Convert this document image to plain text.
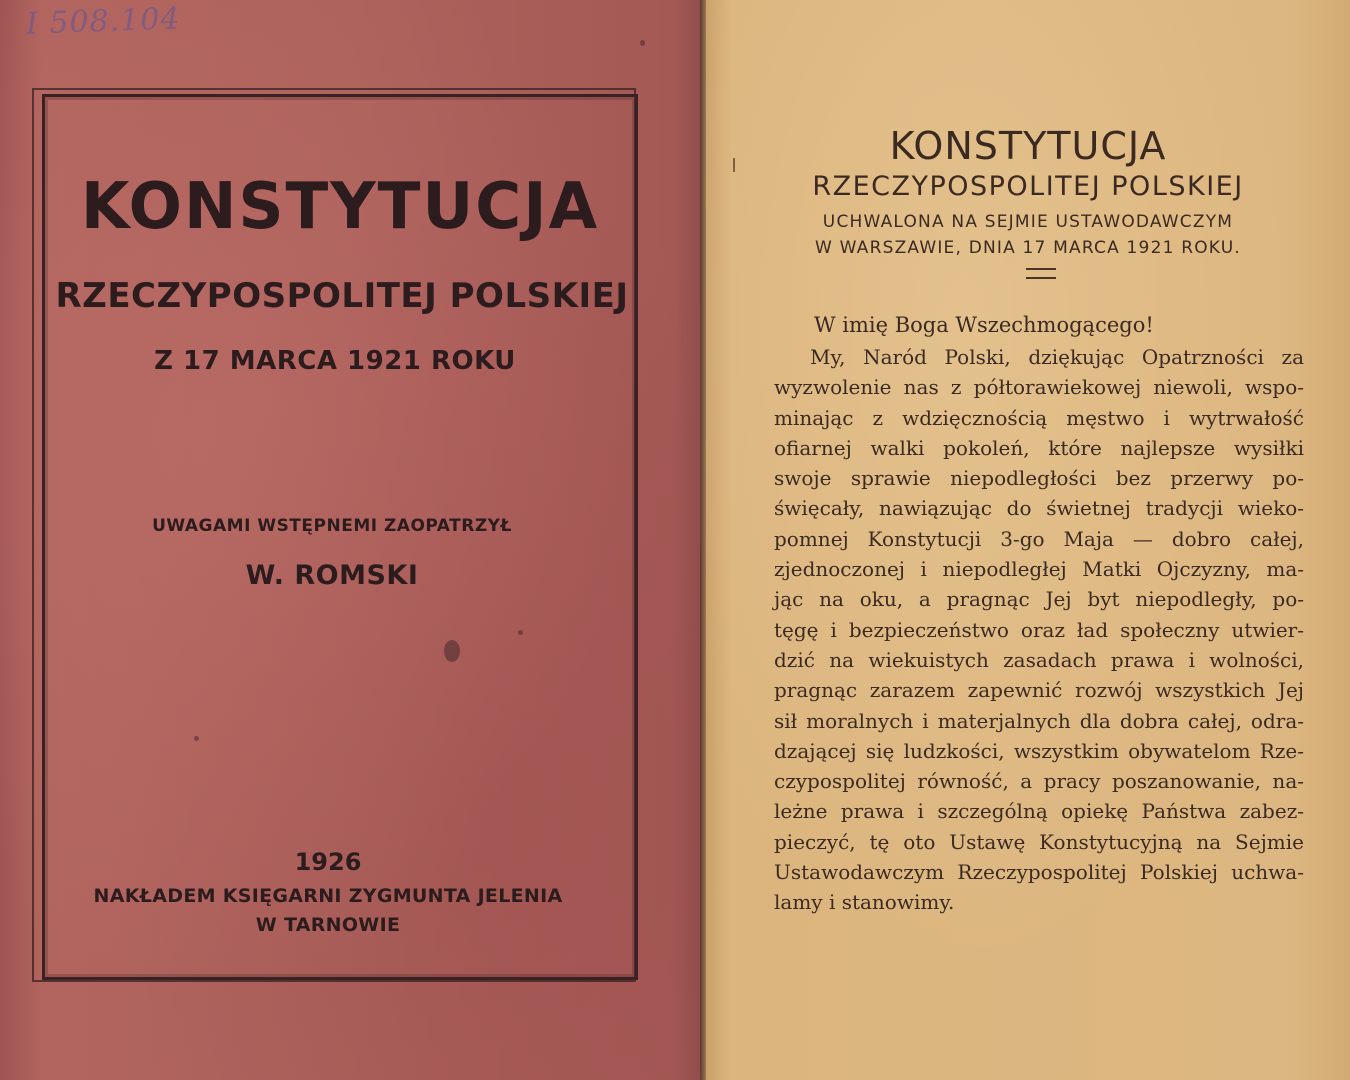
I 508.104
KONSTYTUCJA
RZECZYPOSPOLITEJ POLSKIEJ
Z 17 MARCA 1921 ROKU
UWAGAMI WSTĘPNEMI ZAOPATRZYŁ
W. ROMSKI
1926
NAKŁADEM KSIĘGARNI ZYGMUNTA JELENIA
W TARNOWIE
KONSTYTUCJA
RZECZYPOSPOLITEJ POLSKIEJ
UCHWALONA NA SEJMIE USTAWODAWCZYM
W WARSZAWIE, DNIA 17 MARCA 1921 ROKU.
W imię Boga Wszechmogącego!
My, Naród Polski, dziękując Opatrzności za
wyzwolenie nas z półtorawiekowej niewoli, wspo-
minając z wdzięcznością męstwo i wytrwałość
ofiarnej walki pokoleń, które najlepsze wysiłki
swoje sprawie niepodległości bez przerwy po-
święcały, nawiązując do świetnej tradycji wieko-
pomnej Konstytucji 3-go Maja — dobro całej,
zjednoczonej i niepodległej Matki Ojczyzny, ma-
jąc na oku, a pragnąc Jej byt niepodległy, po-
tęgę i bezpieczeństwo oraz ład społeczny utwier-
dzić na wiekuistych zasadach prawa i wolności,
pragnąc zarazem zapewnić rozwój wszystkich Jej
sił moralnych i materjalnych dla dobra całej, odra-
dzającej się ludzkości, wszystkim obywatelom Rze-
czypospolitej równość, a pracy poszanowanie, na-
leżne prawa i szczególną opiekę Państwa zabez-
pieczyć, tę oto Ustawę Konstytucyjną na Sejmie
Ustawodawczym Rzeczypospolitej Polskiej uchwa-
lamy i stanowimy.
